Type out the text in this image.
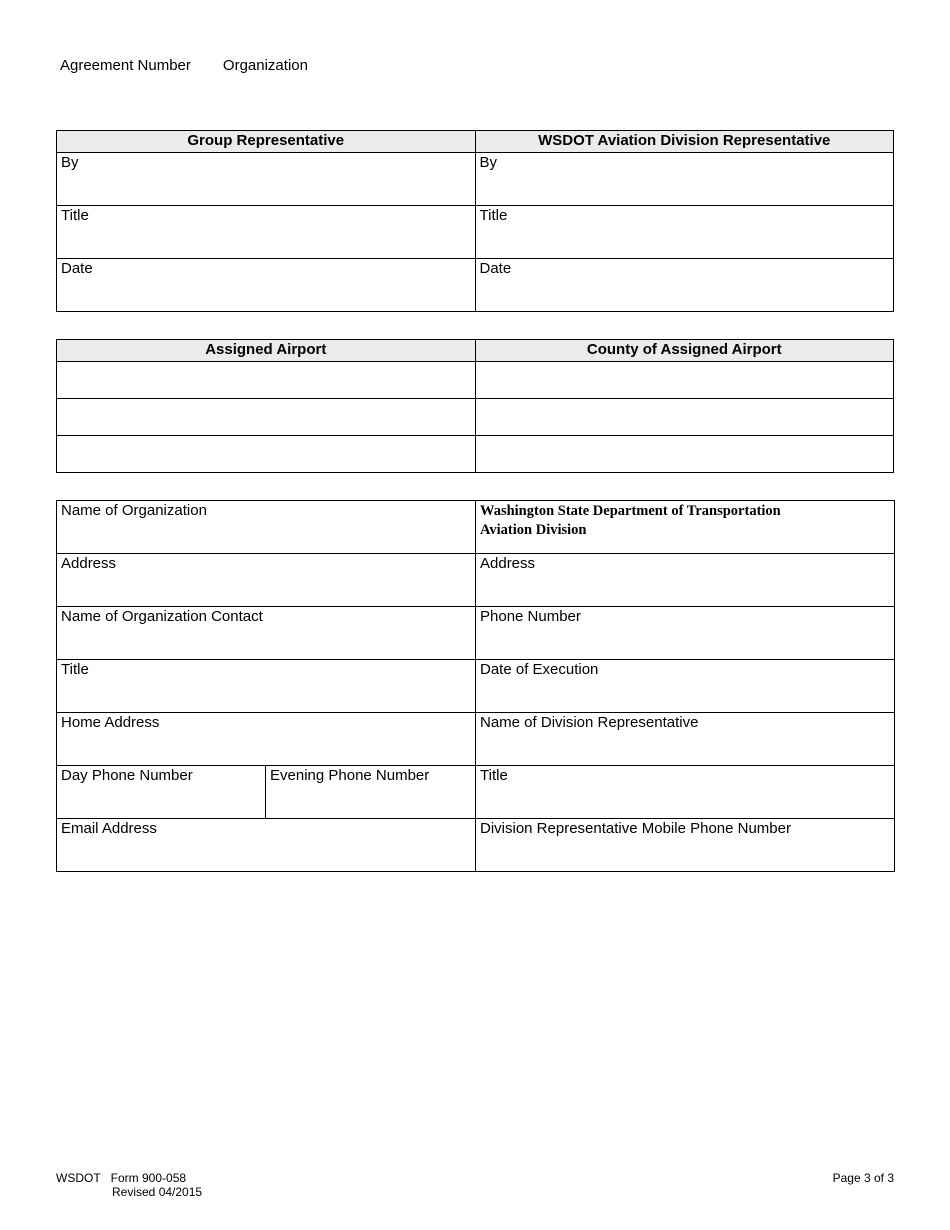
Agreement Number Organization
Group Representative	WSDOT Aviation Division Representative
By	By
Title	Title
Date	Date
Assigned Airport	County of Assigned Airport

Name of Organization		Washington State Department of Transportation
Aviation Division

Address		Address
Name of Organization Contact		Phone Number
Title		Date of Execution
Home Address		Name of Division Representative
Day Phone Number	Evening Phone Number	Title
Email Address		Division Representative Mobile Phone Number
WSDOT Form 900-058
Revised 04/2015
Page 3 of 3
